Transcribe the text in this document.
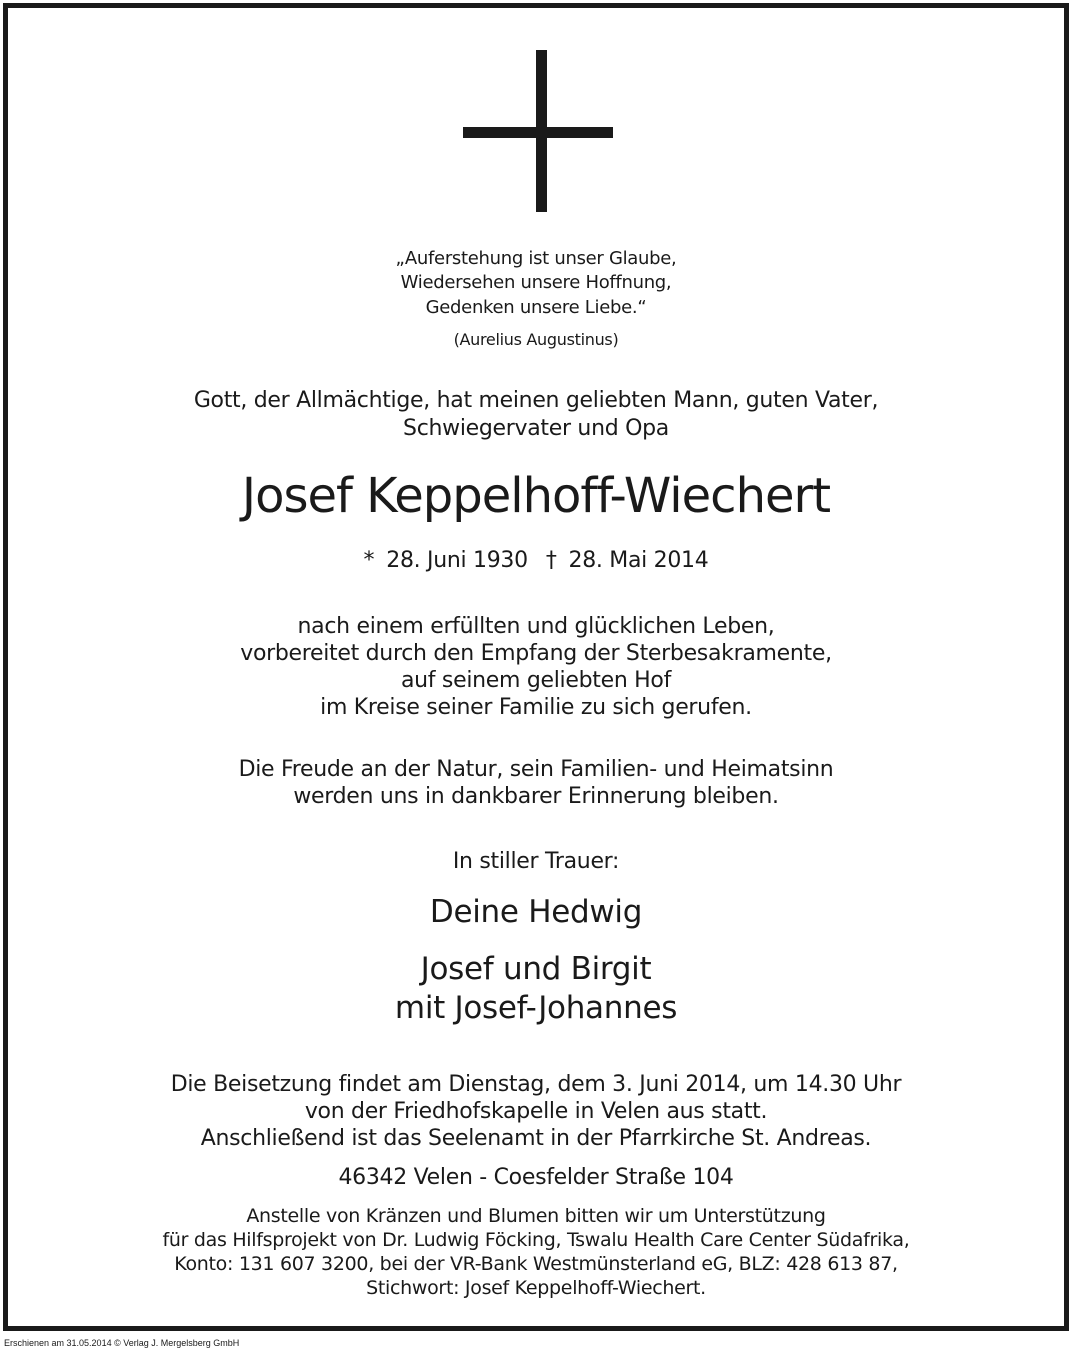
„Auferstehung ist unser Glaube,
Wiedersehen unsere Hoffnung,
Gedenken unsere Liebe.“
(Aurelius Augustinus)
Gott, der Allmächtige, hat meinen geliebten Mann, guten Vater,
Schwiegervater und Opa
Josef Keppelhoff-Wiechert
* 28. Juni 1930 † 28. Mai 2014
nach einem erfüllten und glücklichen Leben,
vorbereitet durch den Empfang der Sterbesakramente,
auf seinem geliebten Hof
im Kreise seiner Familie zu sich gerufen.
Die Freude an der Natur, sein Familien- und Heimatsinn
werden uns in dankbarer Erinnerung bleiben.
In stiller Trauer:
Deine Hedwig
Josef und Birgit
mit Josef-Johannes
Die Beisetzung findet am Dienstag, dem 3. Juni 2014, um 14.30 Uhr
von der Friedhofskapelle in Velen aus statt.
Anschließend ist das Seelenamt in der Pfarrkirche St. Andreas.
46342 Velen - Coesfelder Straße 104
Anstelle von Kränzen und Blumen bitten wir um Unterstützung
für das Hilfsprojekt von Dr. Ludwig Föcking, Tswalu Health Care Center Südafrika,
Konto: 131 607 3200, bei der VR-Bank Westmünsterland eG, BLZ: 428 613 87,
Stichwort: Josef Keppelhoff-Wiechert.
Erschienen am 31.05.2014 © Verlag J. Mergelsberg GmbH
